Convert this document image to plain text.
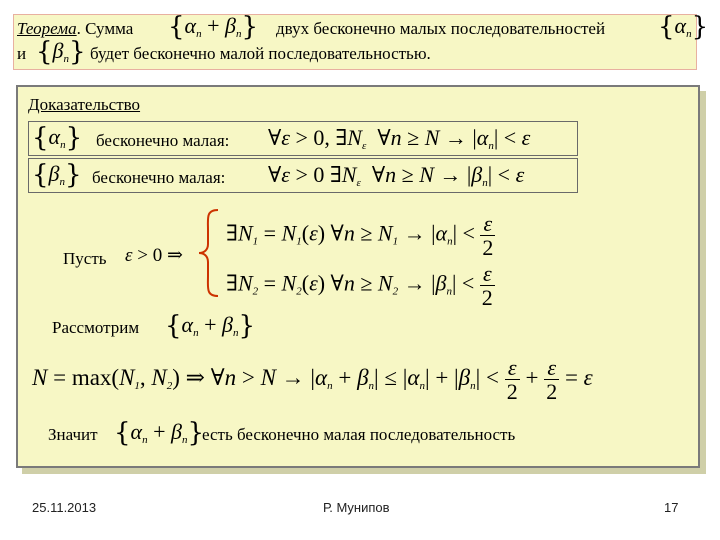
Теорема. Сумма $\{\alpha_n + \beta_n\}$ двух бесконечно малых последовательностей $\{\alpha_n\}$
и $\{\beta_n\}$ будет бесконечно малой последовательностью.
Доказательство
$\{\alpha_n\}$ бесконечно малая: ∀ε > 0, $\exists N_\varepsilon$  ∀n ≥ $N \to |\alpha_n| < \varepsilon$
$\{\beta_n\}$ бесконечно малая: ∀ε > 0 $\exists N_\varepsilon$  ∀n ≥ $N \to |\beta_n| < \varepsilon$
Пусть ε > 0 ⇒
$\exists N_1 = N_1(\varepsilon)$ ∀n ≥ $N_1 \to |\alpha_n| < \frac{\varepsilon}{2}$
$\exists N_2 = N_2(\varepsilon)$ ∀n ≥ $N_2 \to |\beta_n| < \frac{\varepsilon}{2}$
Рассмотрим $\{\alpha_n + \beta_n\}$
$N = \max(N_1$, $N_2$) ⇒ ∀n > $N \to |\alpha_n + \beta_n| \le |\alpha_n| + |\beta_n| < \frac{\varepsilon}{2} + \frac{\varepsilon}{2} = \varepsilon$
Значит $\{\alpha_n + \beta_n\}$
есть бесконечно малая последовательность
25.11.2013	Р. Мунипов	17
